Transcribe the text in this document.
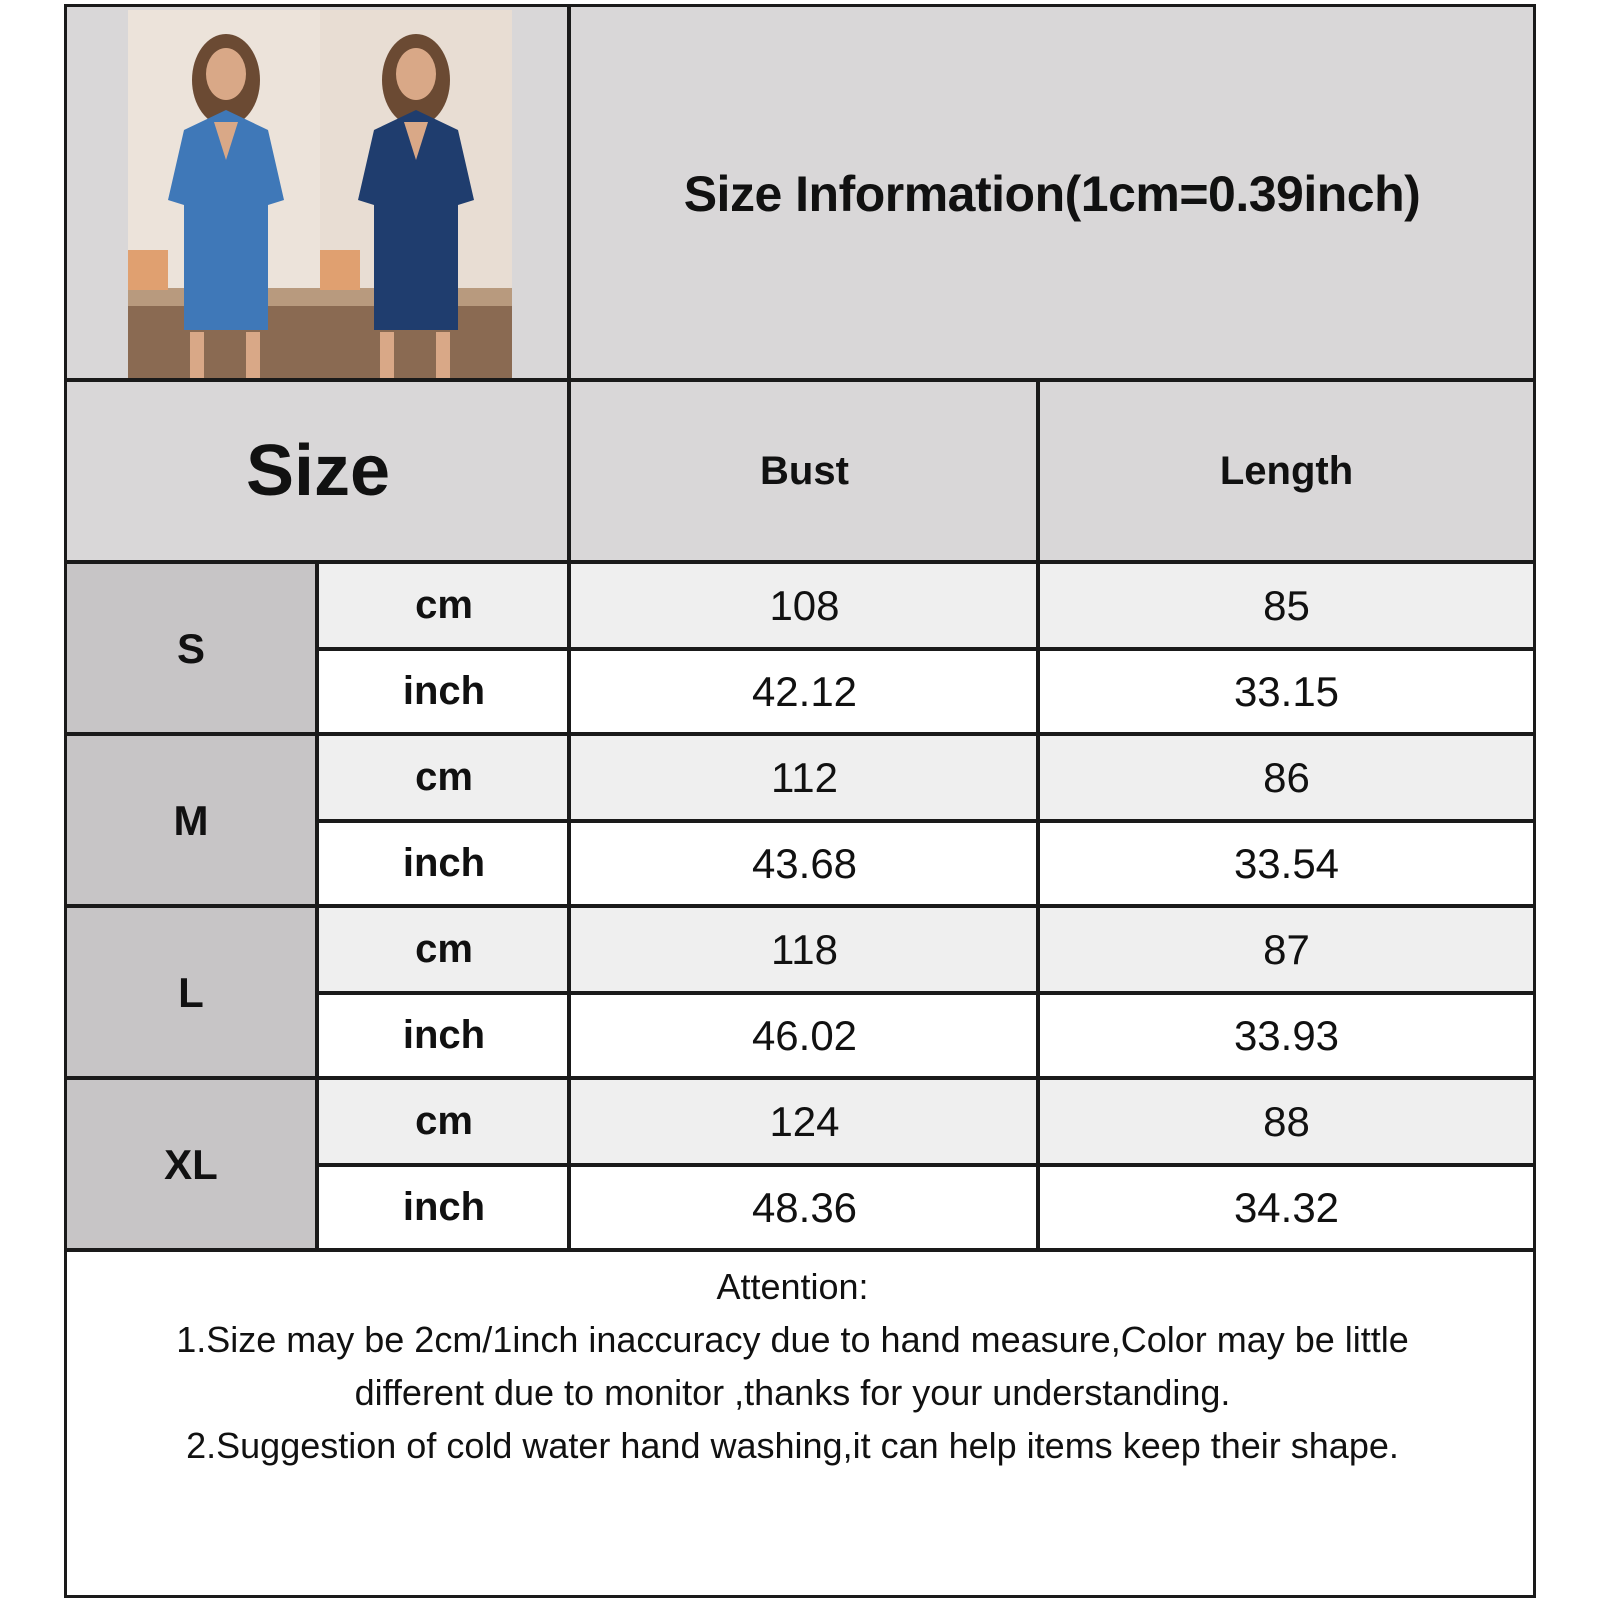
Size Information(1cm=0.39inch)
Size	Bust	Length
S
cm	108	85
inch	42.12	33.15
M
cm	112	86
inch	43.68	33.54
L
cm	118	87
inch	46.02	33.93
XL
cm	124	88
inch	48.36	34.32
Attention:
1.Size may be 2cm/1inch inaccuracy due to hand measure,Color may be little
different due to monitor ,thanks for your understanding.
2.Suggestion of cold water hand washing,it can help items keep their shape.
